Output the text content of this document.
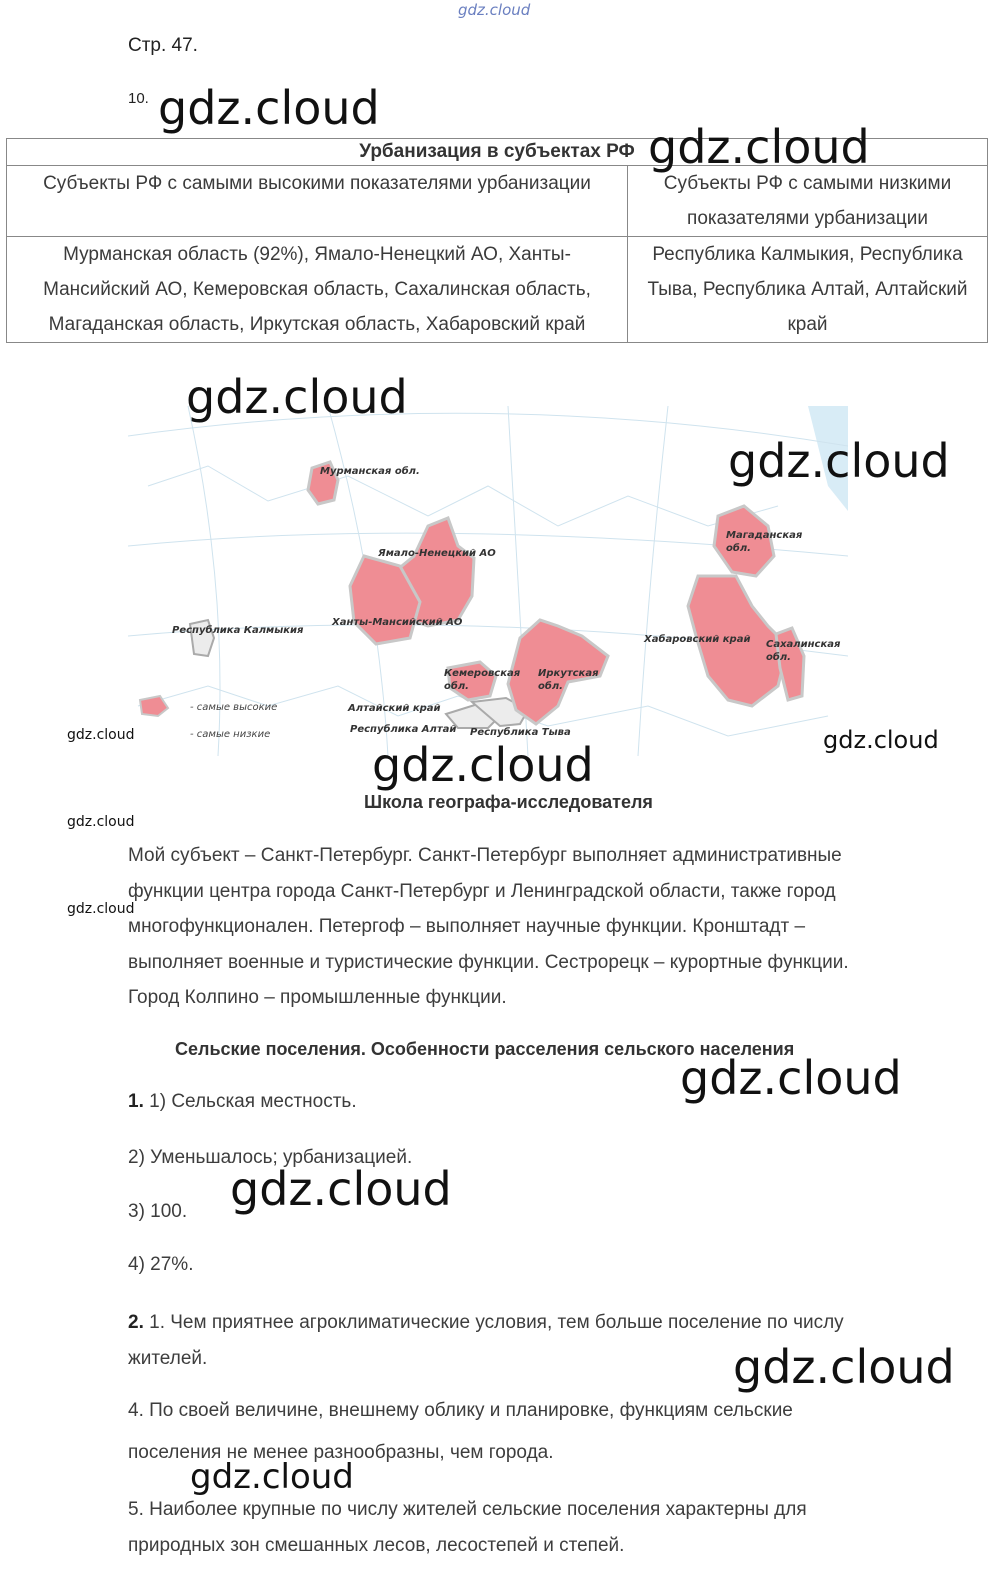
gdz.cloud
Стр. 47.
10.
Урбанизация в субъектах РФ	
Субъекты РФ с самыми высокими показателями урбанизации	Субъекты РФ с самыми низкими показателями урбанизации
Мурманская область (92%), Ямало-Ненецкий АО, Ханты-Мансийский АО, Кемеровская область, Сахалинская область, Магаданская область, Иркутская область, Хабаровский край	Республика Калмыкия, Республика Тыва, Республика Алтай, Алтайский край
- самые высокие
- самые низкие
Мурманская обл.
Ямало-Ненецкий АО
Ханты-Мансийский АО
Республика Калмыкия
Кемеровская
обл.
Иркутская
обл.
Магаданская
обл.
Хабаровский край Сахалинская
обл.
Алтайский край
Республика Алтай Республика Тыва
Школа географа-исследователя
Мой субъект – Санкт-Петербург. Санкт-Петербург выполняет административные
функции центра города Санкт-Петербург и Ленинградской области, также город
многофункционален. Петергоф – выполняет научные функции. Кронштадт –
выполняет военные и туристические функции. Сестрорецк – курортные функции.
Город Колпино – промышленные функции.
Сельские поселения. Особенности расселения сельского населения
1. 1) Сельская местность.
2) Уменьшалось; урбанизацией.
3) 100.
4) 27%.
2. 1. Чем приятнее агроклиматические условия, тем больше поселение по числу
жителей.
4. По своей величине, внешнему облику и планировке, функциям сельские
поселения не менее разнообразны, чем города.
5. Наиболее крупные по числу жителей сельские поселения характерны для
природных зон смешанных лесов, лесостепей и степей.
gdz.cloud
gdz.cloud
gdz.cloud
gdz.cloud
gdz.cloud	gdz.cloud
gdz.cloud
gdz.cloud
gdz.cloud
gdz.cloud
gdz.cloud
gdz.cloud
gdz.cloud
